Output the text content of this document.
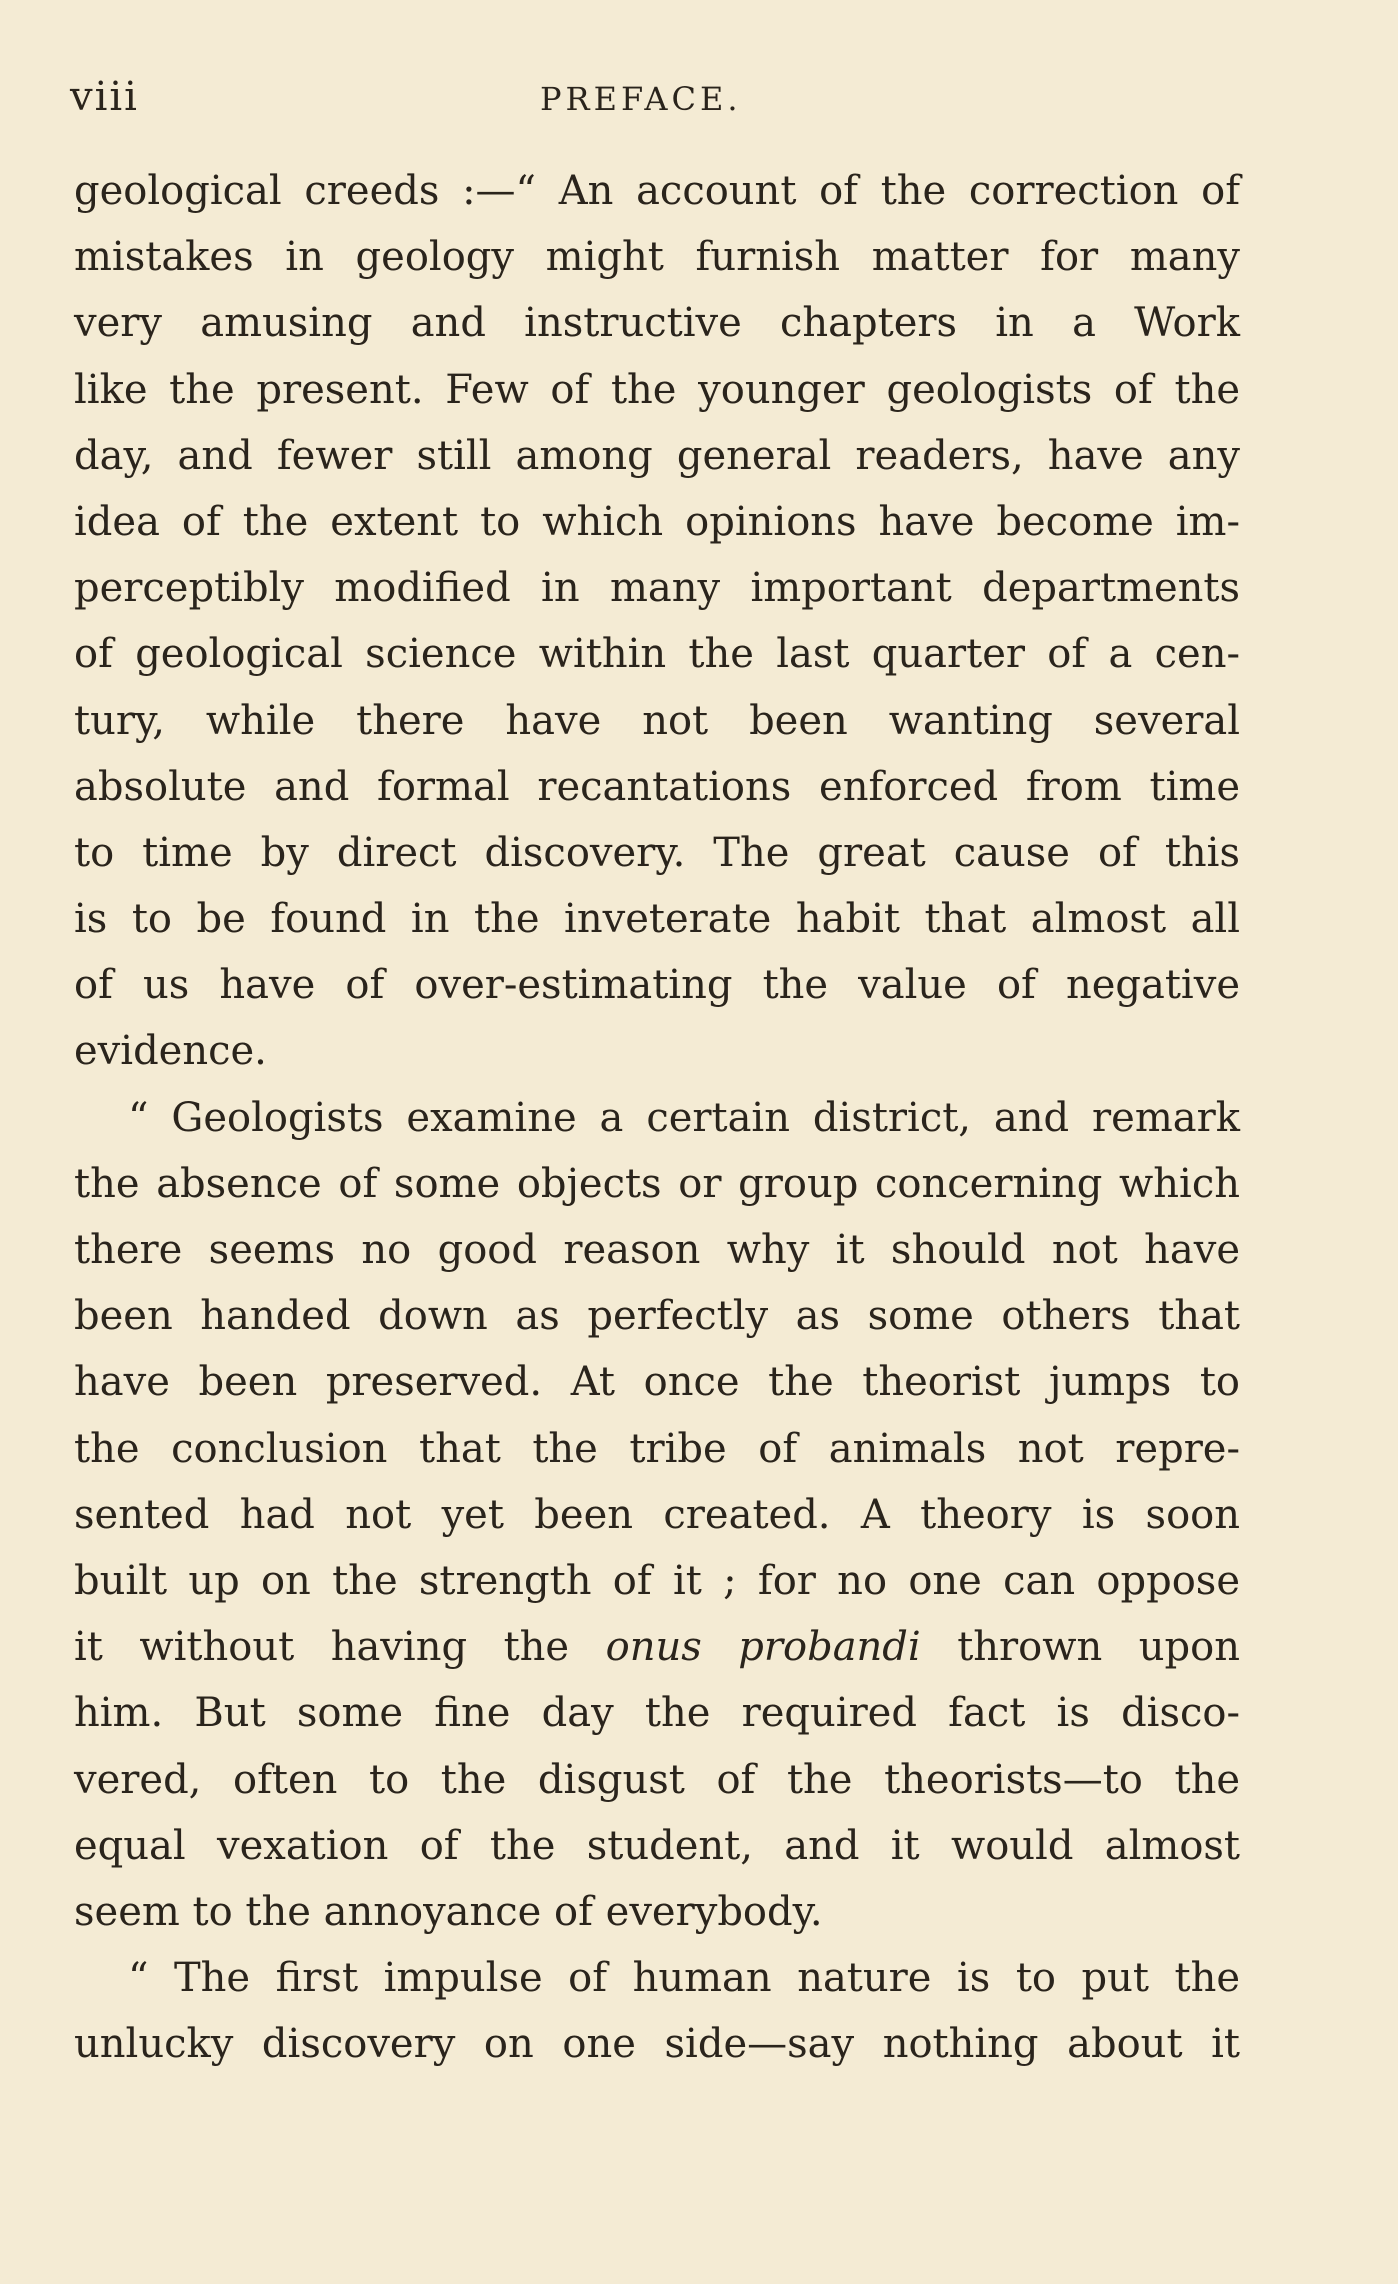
viii	PREFACE.
geological creeds :—“ An account of the correction of
mistakes in geology might furnish matter for many
very amusing and instructive chapters in a Work
like the present. Few of the younger geologists of the
day, and fewer still among general readers, have any
idea of the extent to which opinions have become im-
perceptibly modified in many important departments
of geological science within the last quarter of a cen-
tury, while there have not been wanting several
absolute and formal recantations enforced from time
to time by direct discovery. The great cause of this
is to be found in the inveterate habit that almost all
of us have of over-estimating the value of negative
evidence.
“ Geologists examine a certain district, and remark
the absence of some objects or group concerning which
there seems no good reason why it should not have
been handed down as perfectly as some others that
have been preserved. At once the theorist jumps to
the conclusion that the tribe of animals not repre-
sented had not yet been created. A theory is soon
built up on the strength of it ; for no one can oppose
it without having the onus probandi thrown upon
him. But some fine day the required fact is disco-
vered, often to the disgust of the theorists—to the
equal vexation of the student, and it would almost
seem to the annoyance of everybody.
“ The first impulse of human nature is to put the
unlucky discovery on one side—say nothing about it
